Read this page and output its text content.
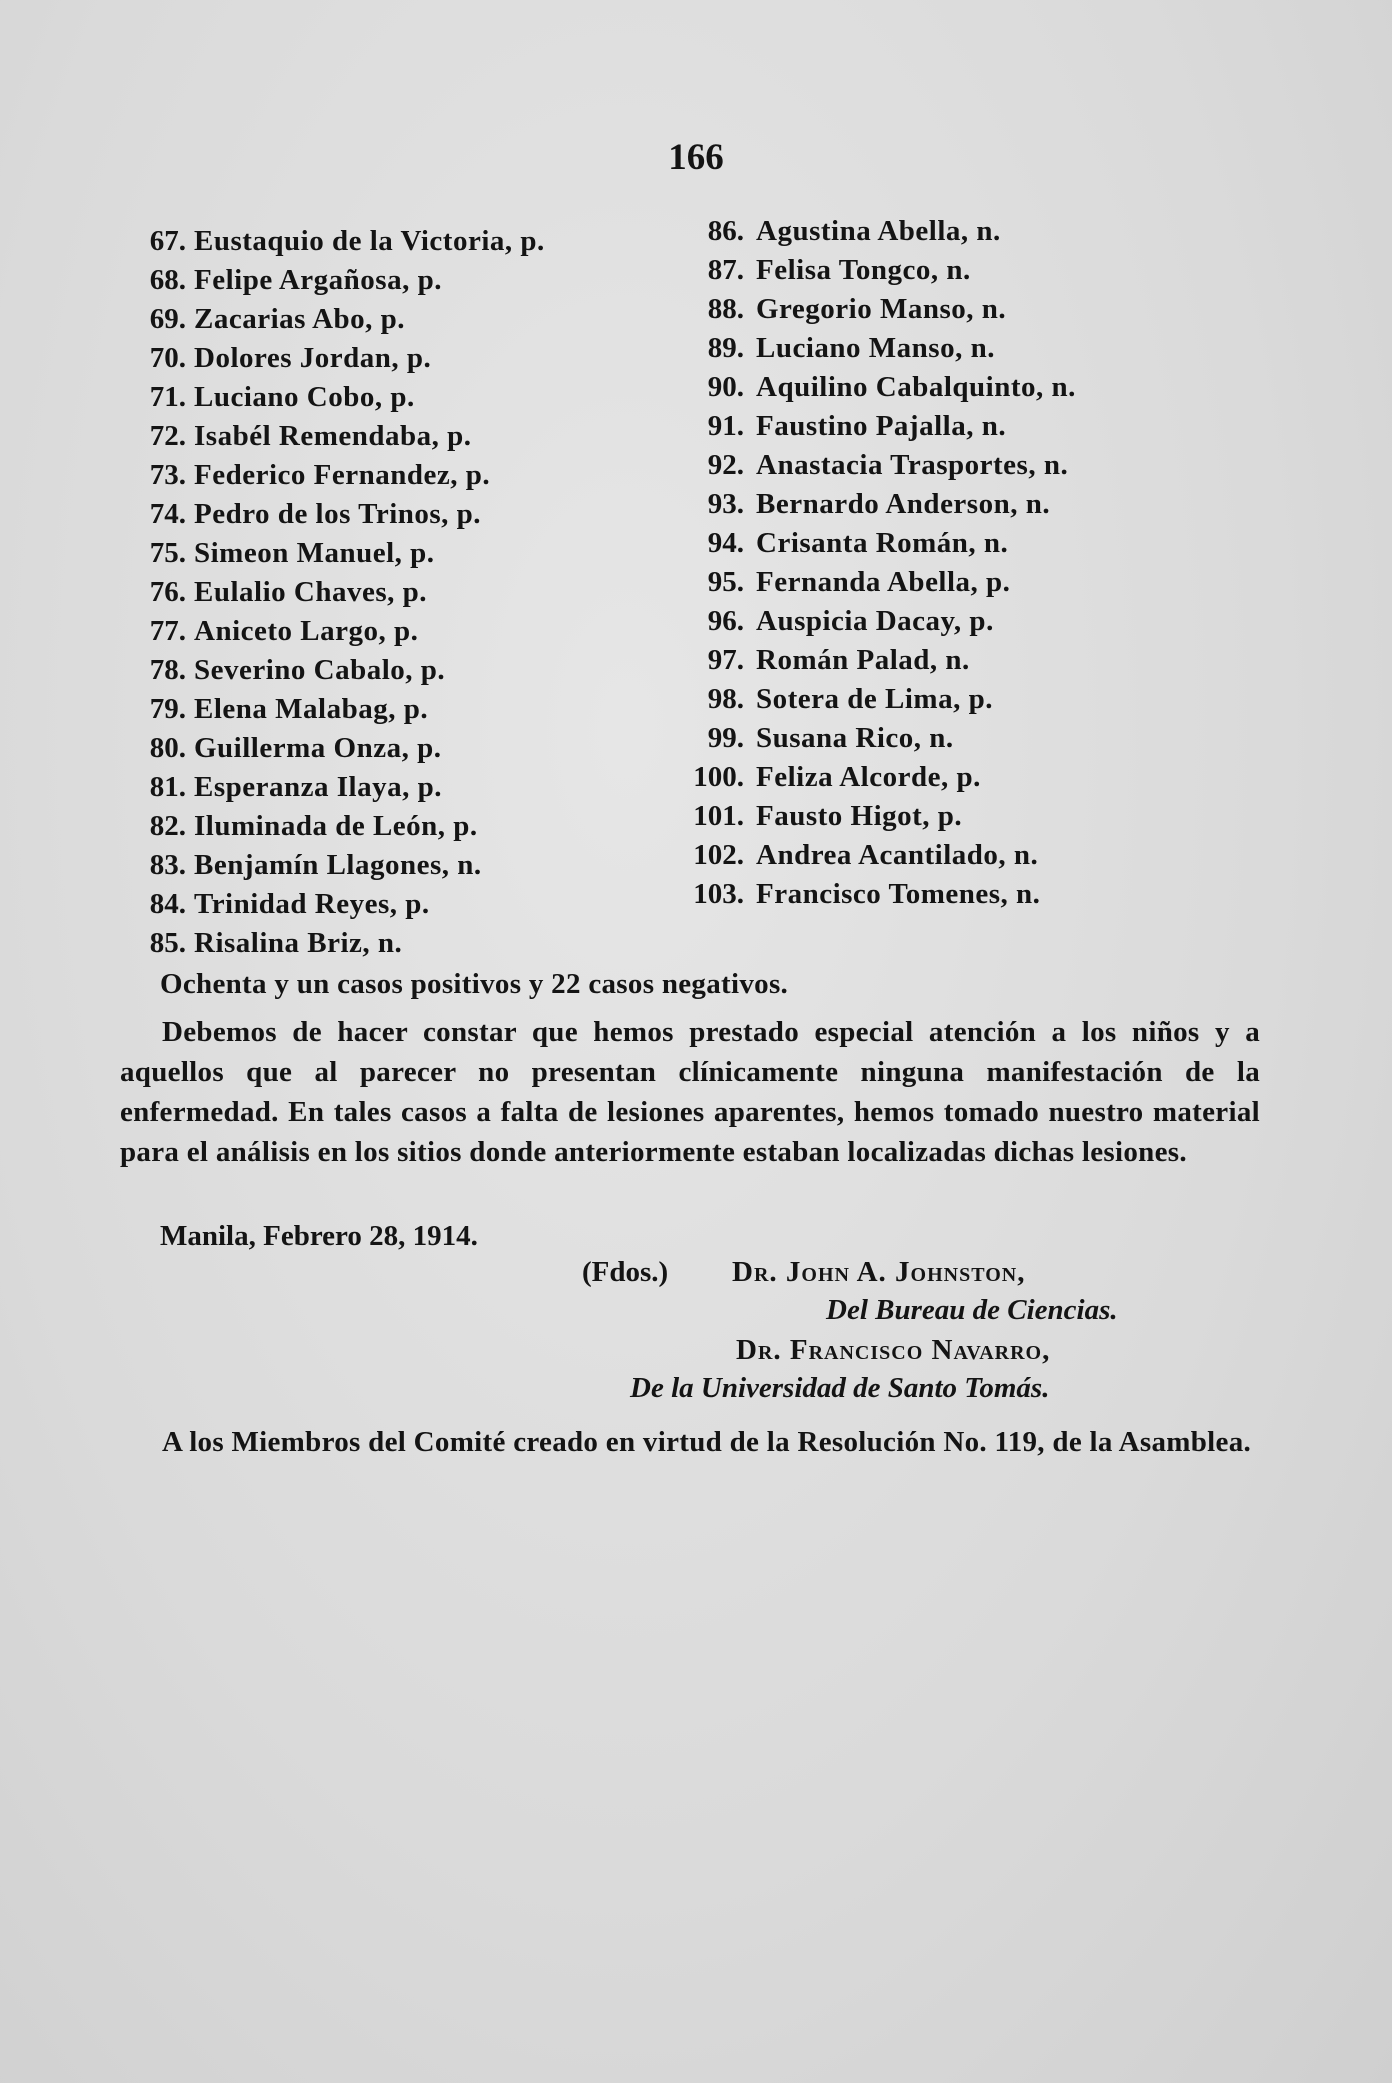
166
67. Eustaquio de la Victoria, p.
68. Felipe Argañosa, p.
69. Zacarias Abo, p.
70. Dolores Jordan, p.
71. Luciano Cobo, p.
72. Isabél Remendaba, p.
73. Federico Fernandez, p.
74. Pedro de los Trinos, p.
75. Simeon Manuel, p.
76. Eulalio Chaves, p.
77. Aniceto Largo, p.
78. Severino Cabalo, p.
79. Elena Malabag, p.
80. Guillerma Onza, p.
81. Esperanza Ilaya, p.
82. Iluminada de León, p.
83. Benjamín Llagones, n.
84. Trinidad Reyes, p.
85. Risalina Briz, n.
86. Agustina Abella, n.
87. Felisa Tongco, n.
88. Gregorio Manso, n.
89. Luciano Manso, n.
90. Aquilino Cabalquinto, n.
91. Faustino Pajalla, n.
92. Anastacia Trasportes, n.
93. Bernardo Anderson, n.
94. Crisanta Román, n.
95. Fernanda Abella, p.
96. Auspicia Dacay, p.
97. Román Palad, n.
98. Sotera de Lima, p.
99. Susana Rico, n.
100. Feliza Alcorde, p.
101. Fausto Higot, p.
102. Andrea Acantilado, n.
103. Francisco Tomenes, n.
Ochenta y un casos positivos y 22 casos negativos.
Debemos de hacer constar que hemos prestado especial atención a los niños y a aquellos que al parecer no presentan clínicamente ninguna manifestación de la enfermedad. En tales casos a falta de lesiones aparentes, hemos tomado nuestro material para el análisis en los sitios donde anteriormente estaban localizadas dichas lesiones.
Manila, Febrero 28, 1914.
(Fdos.) Dr. John A. Johnston,
Del Bureau de Ciencias.
Dr. Francisco Navarro,
De la Universidad de Santo Tomás.
A los Miembros del Comité creado en virtud de la Resolución No. 119, de la Asamblea.
